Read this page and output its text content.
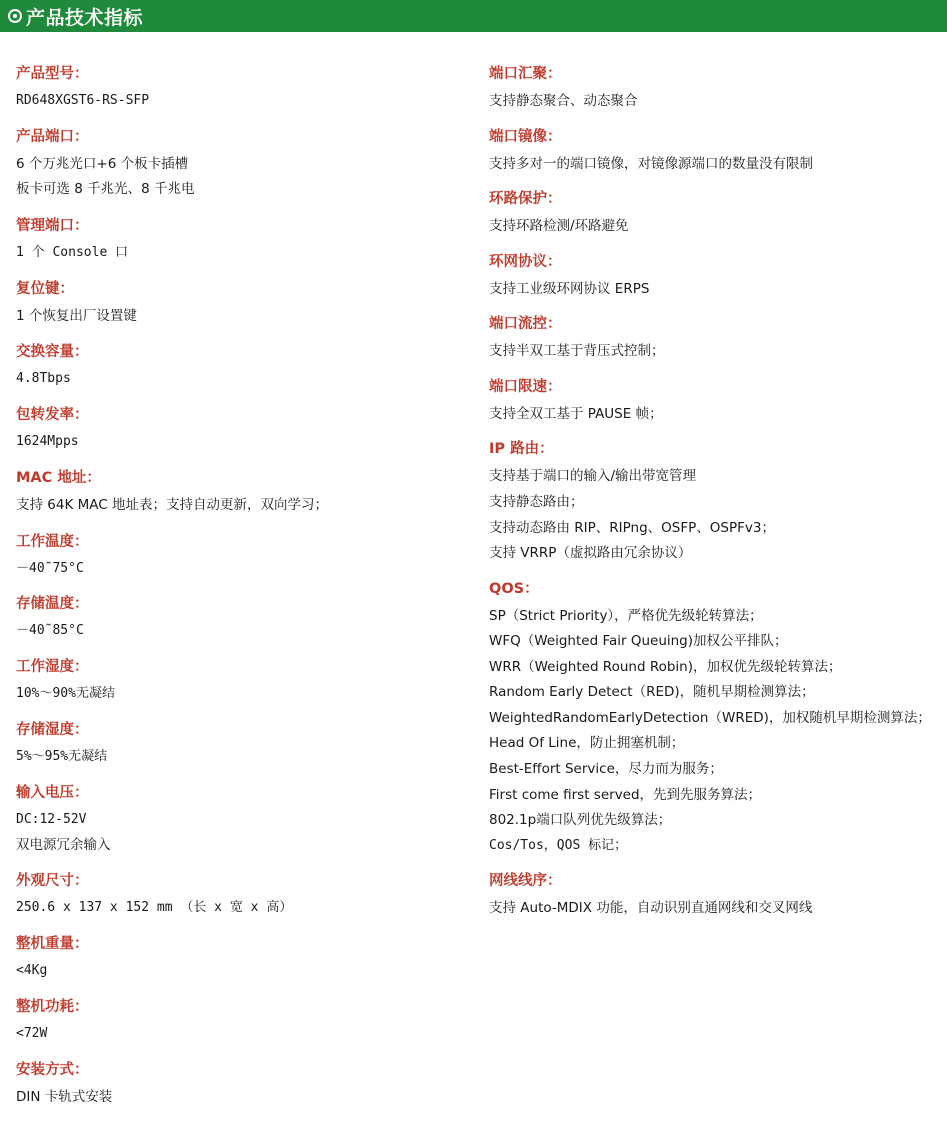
产品技术指标
产品型号：
RD648XGST6-RS-SFP
产品端口：
6 个万兆光口+6 个板卡插槽
板卡可选 8 千兆光、8 千兆电
管理端口：
1 个 Console 口
复位键：
1 个恢复出厂设置键
交换容量：
4.8Tbps
包转发率：
1624Mpps
MAC 地址：
支持 64K MAC 地址表；支持自动更新，双向学习；
工作温度：
－40˜75°C
存储温度：
－40˜85°C
工作湿度：
10%～90%无凝结
存储湿度：
5%～95%无凝结
输入电压：
DC:12-52V
双电源冗余输入
外观尺寸：
250.6 x 137 x 152 mm （长 x 宽 x 高）
整机重量：
<4Kg
整机功耗：
<72W
安装方式：
DIN 卡轨式安装
端口汇聚：
支持静态聚合、动态聚合
端口镜像：
支持多对一的端口镜像，对镜像源端口的数量没有限制
环路保护：
支持环路检测/环路避免
环网协议：
支持工业级环网协议 ERPS
端口流控：
支持半双工基于背压式控制；
端口限速：
支持全双工基于 PAUSE 帧；
IP 路由：
支持基于端口的输入/输出带宽管理
支持静态路由；
支持动态路由 RIP、RIPng、OSFP、OSPFv3；
支持 VRRP（虚拟路由冗余协议）
QOS：
SP（Strict Priority），严格优先级轮转算法；
WFQ（Weighted Fair Queuing)加权公平排队；
WRR（Weighted Round Robin)，加权优先级轮转算法；
Random Early Detect（RED)，随机早期检测算法；
WeightedRandomEarlyDetection（WRED)，加权随机早期检测算法；
Head Of Line，防止拥塞机制；
Best-Effort Service，尽力而为服务；
First come first served，先到先服务算法；
802.1p端口队列优先级算法；
Cos/Tos，QOS 标记；
网线线序：
支持 Auto-MDIX 功能，自动识别直通网线和交叉网线
